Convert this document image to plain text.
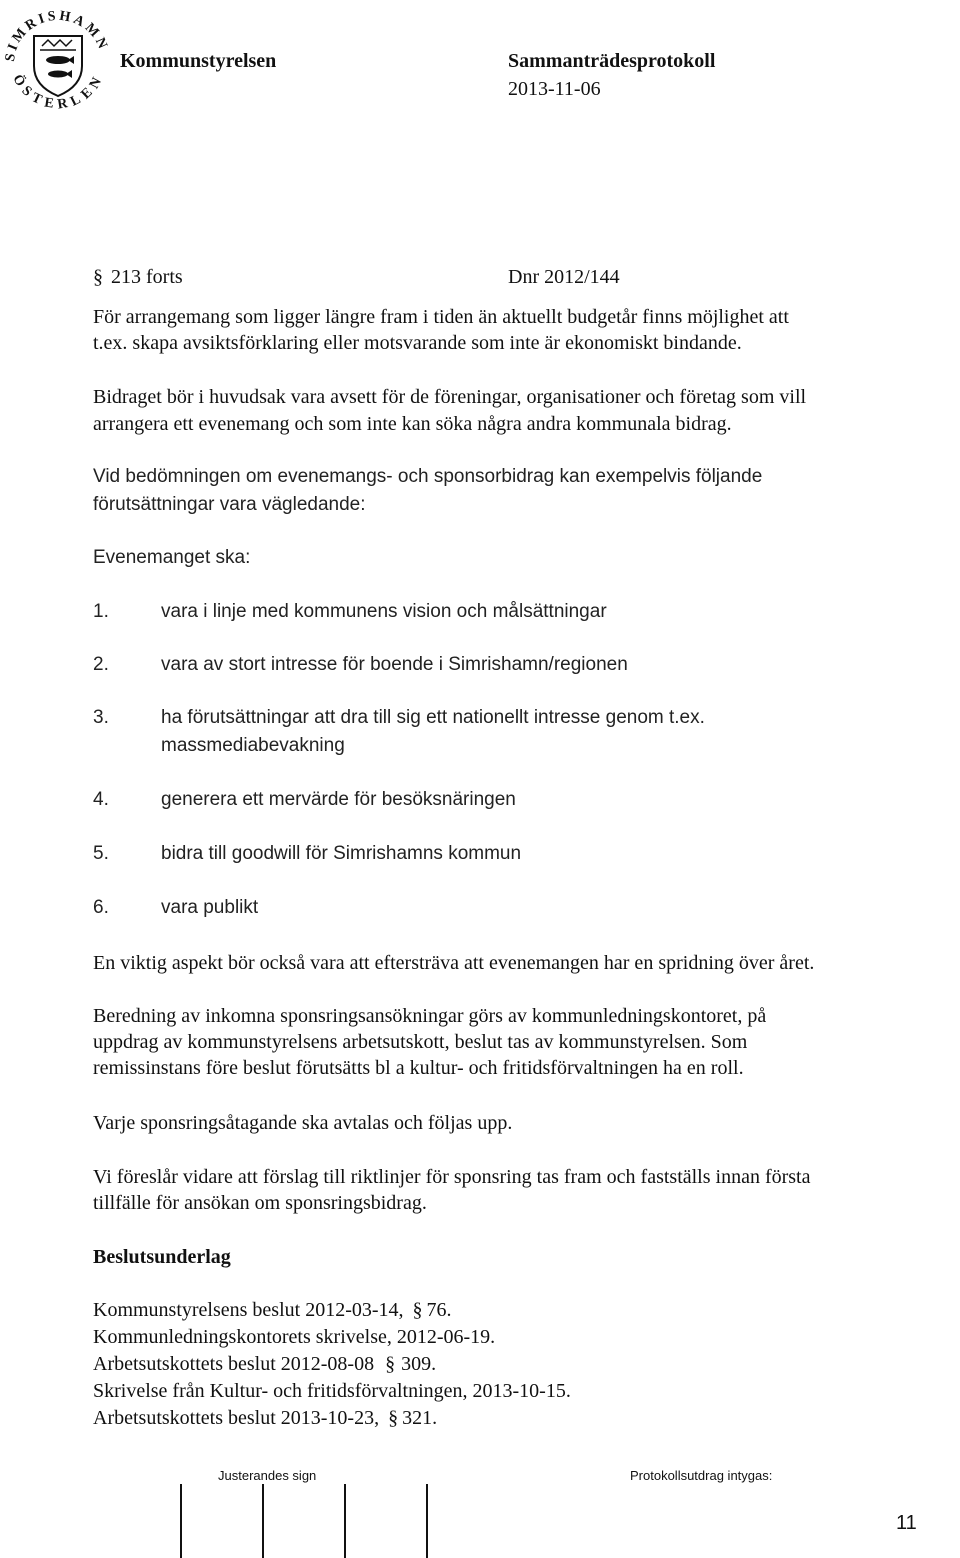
SIMRISHAMN
ÖSTERLEN
Kommunstyrelsen	Sammanträdesprotokoll
2013-11-06
§ 213 forts	Dnr 2012/144
För arrangemang som ligger längre fram i tiden än aktuellt budgetår finns möjlighet att
t.ex. skapa avsiktsförklaring eller motsvarande som inte är ekonomiskt bindande.
Bidraget bör i huvudsak vara avsett för de föreningar, organisationer och företag som vill
arrangera ett evenemang och som inte kan söka några andra kommunala bidrag.
Vid bedömningen om evenemangs- och sponsorbidrag kan exempelvis följande
förutsättningar vara vägledande:
Evenemanget ska:
1.	vara i linje med kommunens vision och målsättningar
2.	vara av stort intresse för boende i Simrishamn/regionen
3.	ha förutsättningar att dra till sig ett nationellt intresse genom t.ex.
massmediabevakning
4.	generera ett mervärde för besöksnäringen
5.	bidra till goodwill för Simrishamns kommun
6.	vara publikt
En viktig aspekt bör också vara att eftersträva att evenemangen har en spridning över året.
Beredning av inkomna sponsringsansökningar görs av kommunledningskontoret, på
uppdrag av kommunstyrelsens arbetsutskott, beslut tas av kommunstyrelsen. Som
remissinstans före beslut förutsätts bl a kultur- och fritidsförvaltningen ha en roll.
Varje sponsringsåtagande ska avtalas och följas upp.
Vi föreslår vidare att förslag till riktlinjer för sponsring tas fram och fastställs innan första
tillfälle för ansökan om sponsringsbidrag.
Beslutsunderlag
Kommunstyrelsens beslut 2012-03-14, § 76.
Kommunledningskontorets skrivelse, 2012-06-19.
Arbetsutskottets beslut 2012-08-08 § 309.
Skrivelse från Kultur- och fritidsförvaltningen, 2013-10-15.
Arbetsutskottets beslut 2013-10-23, § 321.
Justerandes sign	Protokollsutdrag intygas:
11
